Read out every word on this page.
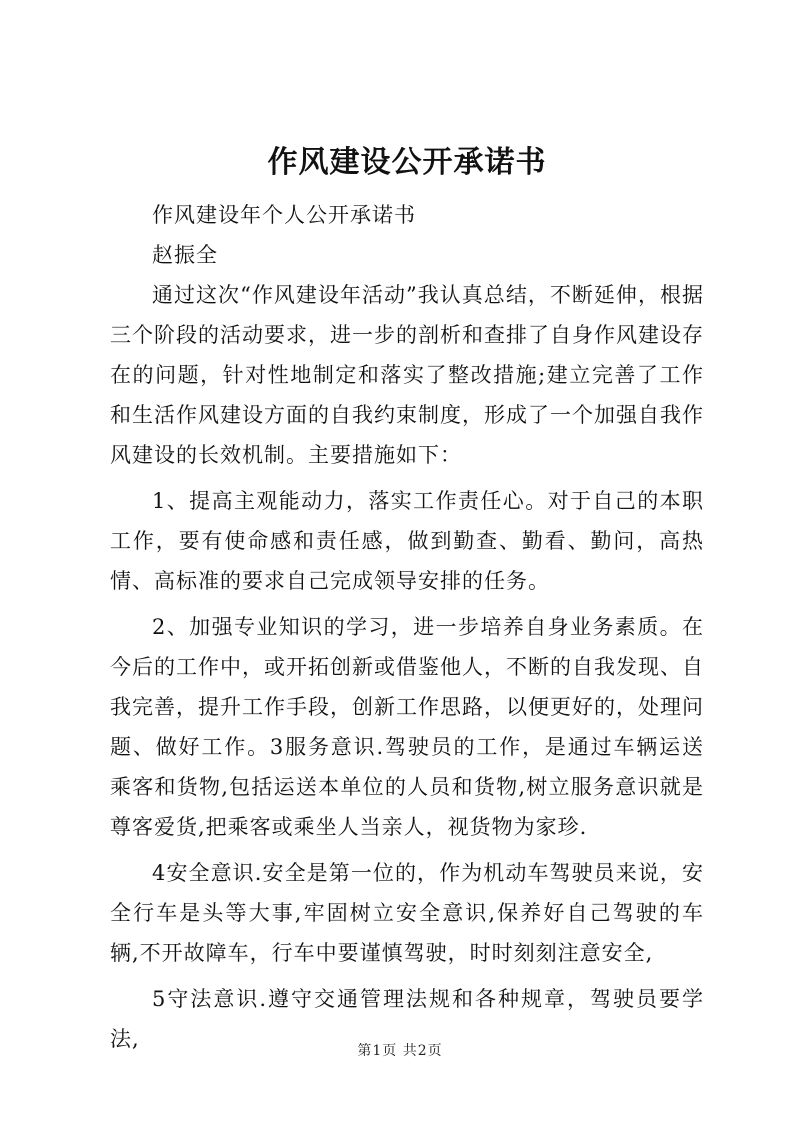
作风建设公开承诺书

作风建设年个人公开承诺书

赵振全

通过这次“作风建设年活动”我认真总结，不断延伸，根据三个阶段的活动要求，进一步的剖析和查排了自身作风建设存在的问题，针对性地制定和落实了整改措施;建立完善了工作和生活作风建设方面的自我约束制度，形成了一个加强自我作风建设的长效机制。主要措施如下：

1、提高主观能动力，落实工作责任心。对于自己的本职工作，要有使命感和责任感，做到勤查、勤看、勤问，高热情、高标准的要求自己完成领导安排的任务。

2、加强专业知识的学习，进一步培养自身业务素质。在今后的工作中，或开拓创新或借鉴他人，不断的自我发现、自我完善，提升工作手段，创新工作思路，以便更好的，处理问题、做好工作。3服务意识.驾驶员的工作，是通过车辆运送乘客和货物,包括运送本单位的人员和货物,树立服务意识就是尊客爱货,把乘客或乘坐人当亲人，视货物为家珍.

4安全意识.安全是第一位的，作为机动车驾驶员来说，安全行车是头等大事,牢固树立安全意识,保养好自己驾驶的车辆,不开故障车，行车中要谨慎驾驶，时时刻刻注意安全,

5守法意识.遵守交通管理法规和各种规章，驾驶员要学法,	第1页 共2页
